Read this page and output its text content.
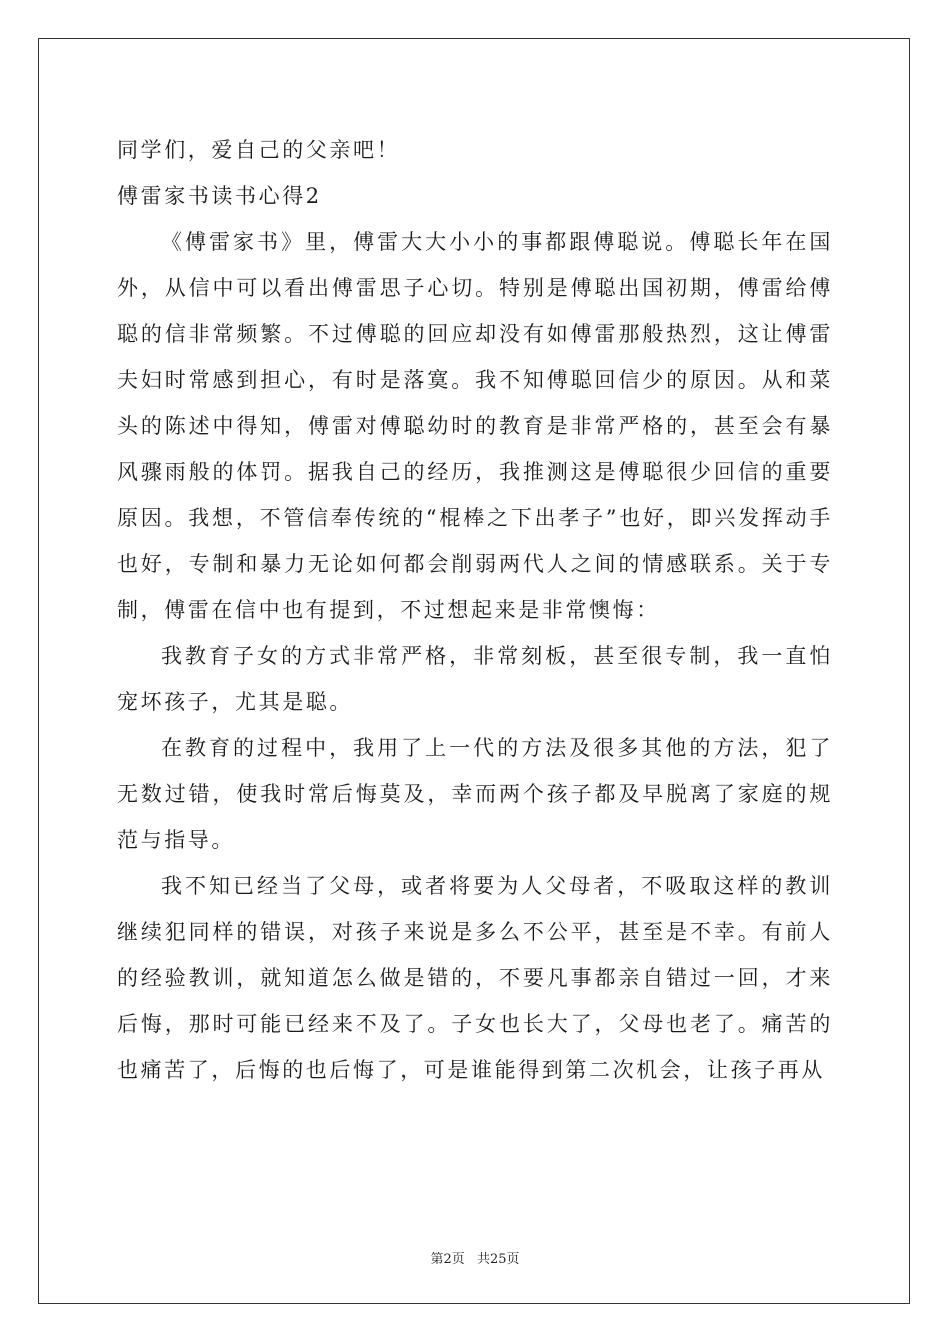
同学们，爱自己的父亲吧！

傅雷家书读书心得2

《傅雷家书》里，傅雷大大小小的事都跟傅聪说。傅聪长年在国外，从信中可以看出傅雷思子心切。特别是傅聪出国初期，傅雷给傅聪的信非常频繁。不过傅聪的回应却没有如傅雷那般热烈，这让傅雷夫妇时常感到担心，有时是落寞。我不知傅聪回信少的原因。从和菜头的陈述中得知，傅雷对傅聪幼时的教育是非常严格的，甚至会有暴风骤雨般的体罚。据我自己的经历，我推测这是傅聪很少回信的重要原因。我想，不管信奉传统的“棍棒之下出孝子”也好，即兴发挥动手也好，专制和暴力无论如何都会削弱两代人之间的情感联系。关于专制，傅雷在信中也有提到，不过想起来是非常懊悔：

我教育子女的方式非常严格，非常刻板，甚至很专制，我一直怕宠坏孩子，尤其是聪。

在教育的过程中，我用了上一代的方法及很多其他的方法，犯了无数过错，使我时常后悔莫及，幸而两个孩子都及早脱离了家庭的规范与指导。

我不知已经当了父母，或者将要为人父母者，不吸取这样的教训继续犯同样的错误，对孩子来说是多么不公平，甚至是不幸。有前人的经验教训，就知道怎么做是错的，不要凡事都亲自错过一回，才来后悔，那时可能已经来不及了。子女也长大了，父母也老了。痛苦的也痛苦了，后悔的也后悔了，可是谁能得到第二次机会，让孩子再从

第2页 共25页
